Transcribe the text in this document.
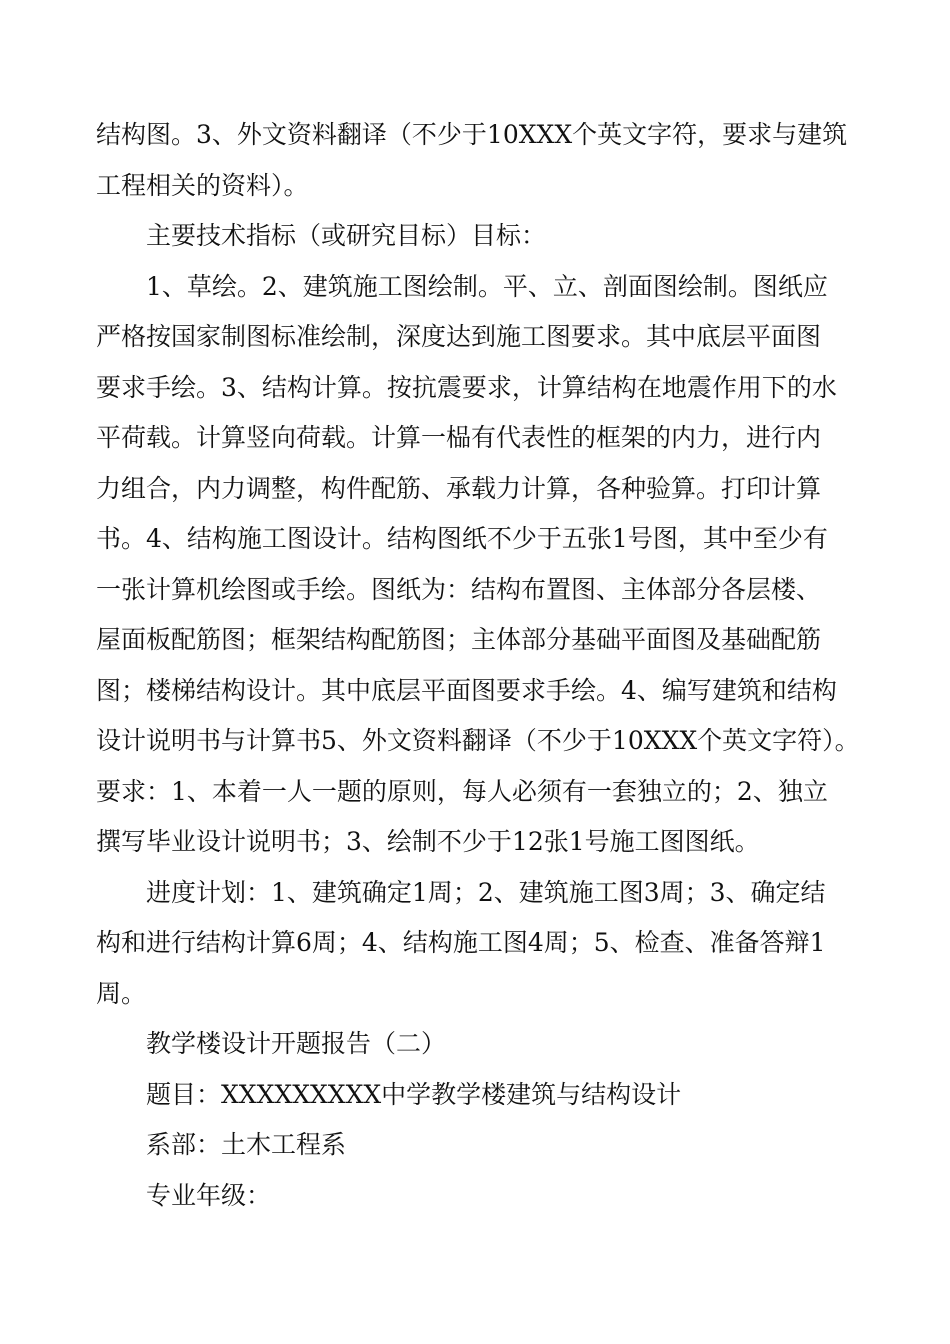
结构图。3、外文资料翻译（不少于10XXX个英文字符，要求与建筑
工程相关的资料）。
主要技术指标（或研究目标）目标：
1、草绘。2、建筑施工图绘制。平、立、剖面图绘制。图纸应
严格按国家制图标准绘制，深度达到施工图要求。其中底层平面图
要求手绘。3、结构计算。按抗震要求，计算结构在地震作用下的水
平荷载。计算竖向荷载。计算一榀有代表性的框架的内力，进行内
力组合，内力调整，构件配筋、承载力计算，各种验算。打印计算
书。4、结构施工图设计。结构图纸不少于五张1号图，其中至少有
一张计算机绘图或手绘。图纸为：结构布置图、主体部分各层楼、
屋面板配筋图；框架结构配筋图；主体部分基础平面图及基础配筋
图；楼梯结构设计。其中底层平面图要求手绘。4、编写建筑和结构
设计说明书与计算书5、外文资料翻译（不少于10XXX个英文字符）。
要求：1、本着一人一题的原则，每人必须有一套独立的；2、独立
撰写毕业设计说明书；3、绘制不少于12张1号施工图图纸。
进度计划：1、建筑确定1周；2、建筑施工图3周；3、确定结
构和进行结构计算6周；4、结构施工图4周；5、检查、准备答辩1
周。
教学楼设计开题报告（二）
题目：XXXXXXXXX中学教学楼建筑与结构设计
系部：土木工程系
专业年级：
